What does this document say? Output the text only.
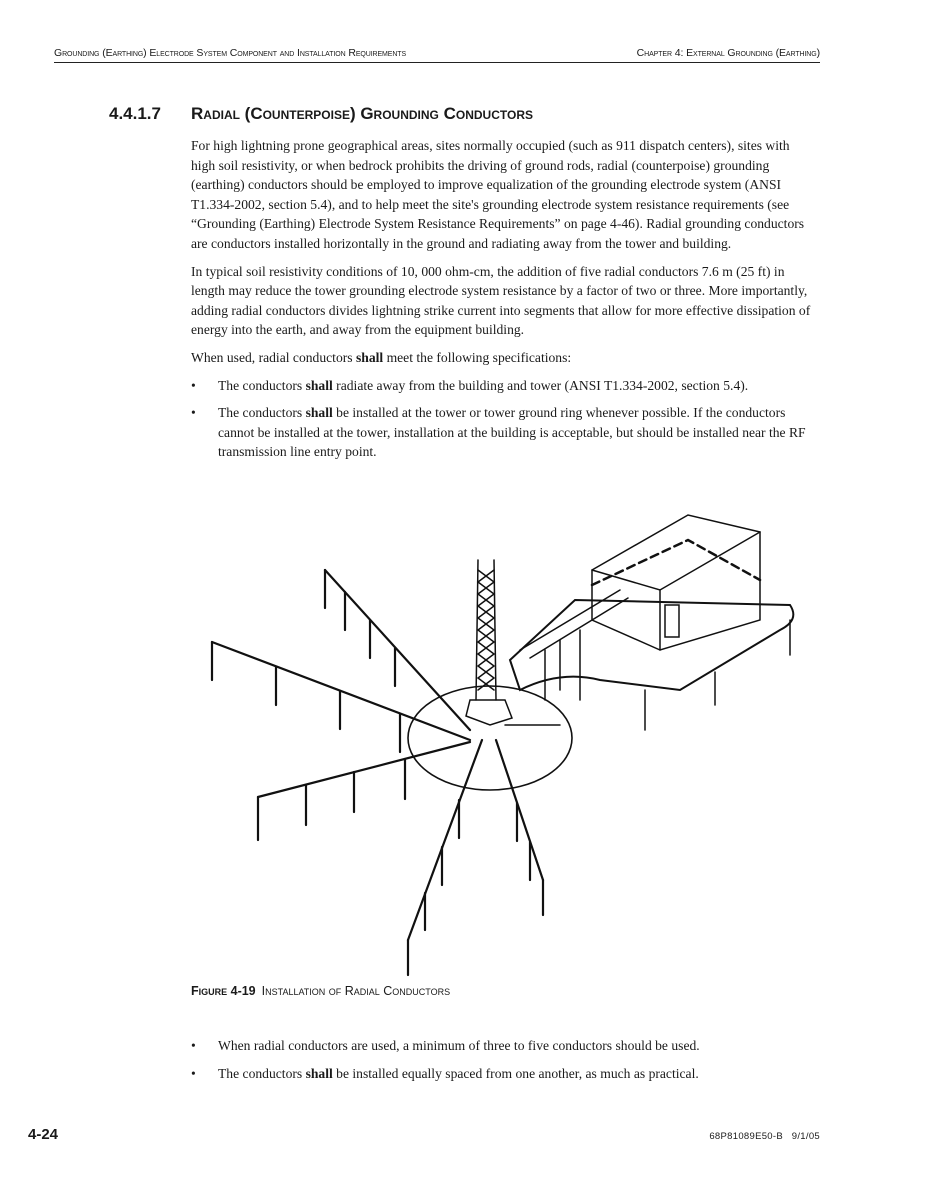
Grounding (Earthing) Electrode System Component and Installation Requirements	Chapter 4: External Grounding (Earthing)
4.4.1.7 Radial (Counterpoise) Grounding Conductors

For high lightning prone geographical areas, sites normally occupied (such as 911 dispatch centers), sites with high soil resistivity, or when bedrock prohibits the driving of ground rods, radial (counterpoise) grounding (earthing) conductors should be employed to improve equalization of the grounding electrode system (ANSI T1.334-2002, section 5.4), and to help meet the site's grounding electrode system resistance requirements (see “Grounding (Earthing) Electrode System Resistance Requirements” on page 4-46). Radial grounding conductors are conductors installed horizontally in the ground and radiating away from the tower and building.

In typical soil resistivity conditions of 10, 000 ohm-cm, the addition of five radial conductors 7.6 m (25 ft) in length may reduce the tower grounding electrode system resistance by a factor of two or three. More importantly, adding radial conductors divides lightning strike current into segments that allow for more effective dissipation of energy into the earth, and away from the equipment building.

When used, radial conductors shall meet the following specifications:

• The conductors shall radiate away from the building and tower (ANSI T1.334-2002, section 5.4).
• The conductors shall be installed at the tower or tower ground ring whenever possible. If the conductors cannot be installed at the tower, installation at the building is acceptable, but should be installed near the RF transmission line entry point.
Figure 4-19 Installation of Radial Conductors
• When radial conductors are used, a minimum of three to five conductors should be used.
• The conductors shall be installed equally spaced from one another, as much as practical.
4-24	68P81089E50-B   9/1/05
